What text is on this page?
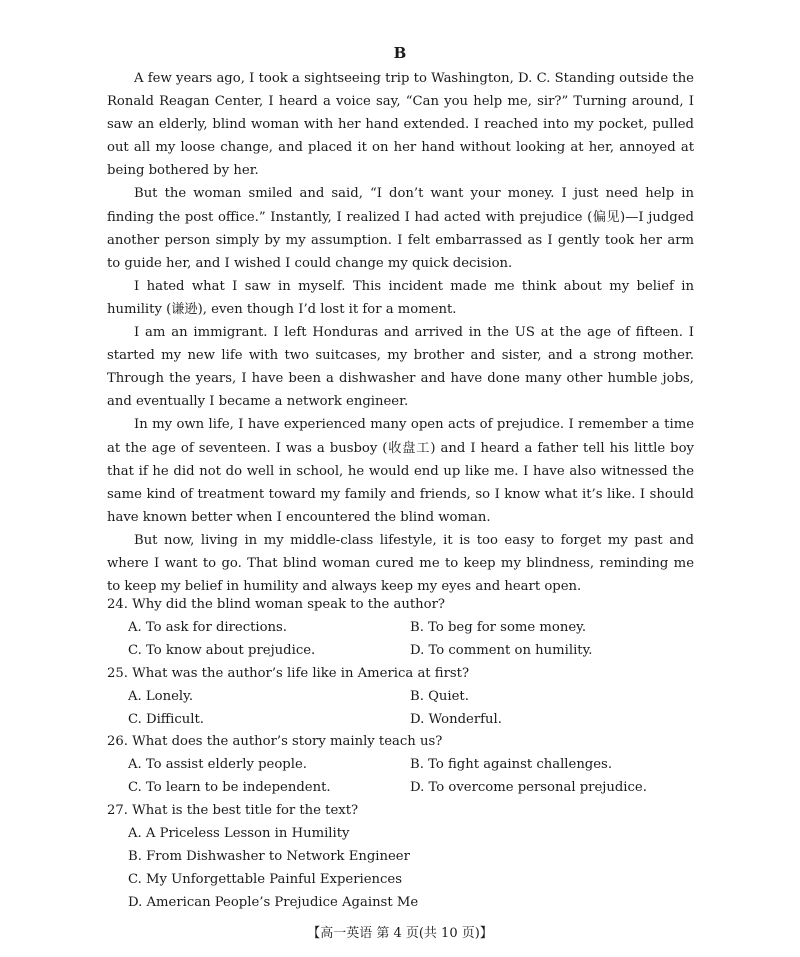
B

A few years ago, I took a sightseeing trip to Washington, D. C. Standing outside the Ronald Reagan Center, I heard a voice say, “Can you help me, sir?” Turning around, I saw an elderly, blind woman with her hand extended. I reached into my pocket, pulled out all my loose change, and placed it on her hand without looking at her, annoyed at being bothered by her.

But the woman smiled and said, “I don’t want your money. I just need help in finding the post office.” Instantly, I realized I had acted with prejudice (偏见)—I judged another person simply by my assumption. I felt embarrassed as I gently took her arm to guide her, and I wished I could change my quick decision.

I hated what I saw in myself. This incident made me think about my belief in humility (谦逊), even though I’d lost it for a moment.

I am an immigrant. I left Honduras and arrived in the US at the age of fifteen. I started my new life with two suitcases, my brother and sister, and a strong mother. Through the years, I have been a dishwasher and have done many other humble jobs, and eventually I became a network engineer.

In my own life, I have experienced many open acts of prejudice. I remember a time at the age of seventeen. I was a busboy (收盘工) and I heard a father tell his little boy that if he did not do well in school, he would end up like me. I have also witnessed the same kind of treatment toward my family and friends, so I know what it’s like. I should have known better when I encountered the blind woman.

But now, living in my middle-class lifestyle, it is too easy to forget my past and where I want to go. That blind woman cured me to keep my blindness, reminding me to keep my belief in humility and always keep my eyes and heart open.

24. Why did the blind woman speak to the author?

A. To ask for directions.	B. To beg for some money.
C. To know about prejudice.	D. To comment on humility.

25. What was the author’s life like in America at first?

A. Lonely.	B. Quiet.
C. Difficult.	D. Wonderful.

26. What does the author’s story mainly teach us?

A. To assist elderly people.	B. To fight against challenges.
C. To learn to be independent.	D. To overcome personal prejudice.

27. What is the best title for the text?

A. A Priceless Lesson in Humility
B. From Dishwasher to Network Engineer
C. My Unforgettable Painful Experiences
D. American People’s Prejudice Against Me
【高一英语 第 4 页(共 10 页)】
